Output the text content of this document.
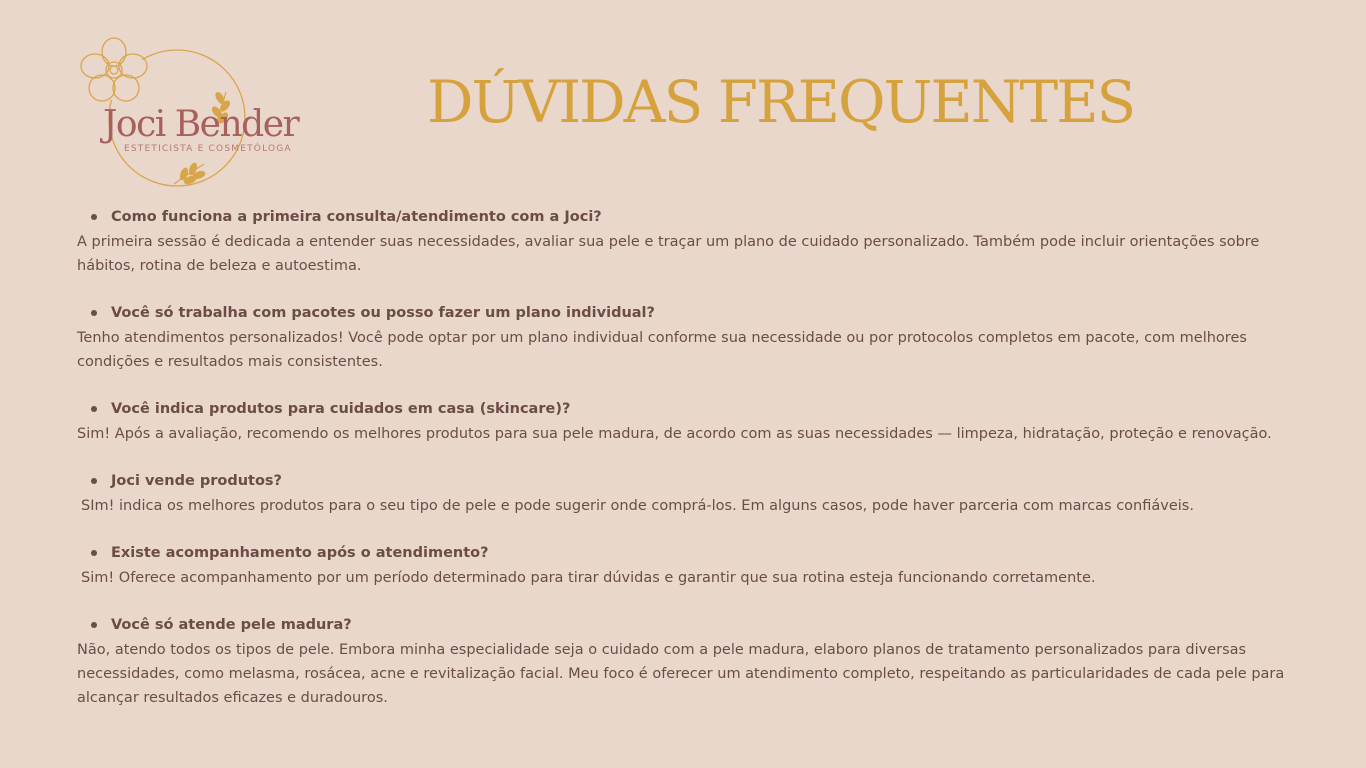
Joci Bender
ESTETICISTA E COSMETÓLOGA
DÚVIDAS FREQUENTES
Como funciona a primeira consulta/atendimento com a Joci?

A primeira sessão é dedicada a entender suas necessidades, avaliar sua pele e traçar um plano de cuidado personalizado. Também pode incluir orientações sobre hábitos, rotina de beleza e autoestima.

Você só trabalha com pacotes ou posso fazer um plano individual?

Tenho atendimentos personalizados! Você pode optar por um plano individual conforme sua necessidade ou por protocolos completos em pacote, com melhores condições e resultados mais consistentes.

Você indica produtos para cuidados em casa (skincare)?

Sim! Após a avaliação, recomendo os melhores produtos para sua pele madura, de acordo com as suas necessidades — limpeza, hidratação, proteção e renovação.

Joci vende produtos?

SIm! indica os melhores produtos para o seu tipo de pele e pode sugerir onde comprá-los. Em alguns casos, pode haver parceria com marcas confiáveis.

Existe acompanhamento após o atendimento?

Sim! Oferece acompanhamento por um período determinado para tirar dúvidas e garantir que sua rotina esteja funcionando corretamente.

Você só atende pele madura?

Não, atendo todos os tipos de pele. Embora minha especialidade seja o cuidado com a pele madura, elaboro planos de tratamento personalizados para diversas necessidades, como melasma, rosácea, acne e revitalização facial. Meu foco é oferecer um atendimento completo, respeitando as particularidades de cada pele para alcançar resultados eficazes e duradouros.
